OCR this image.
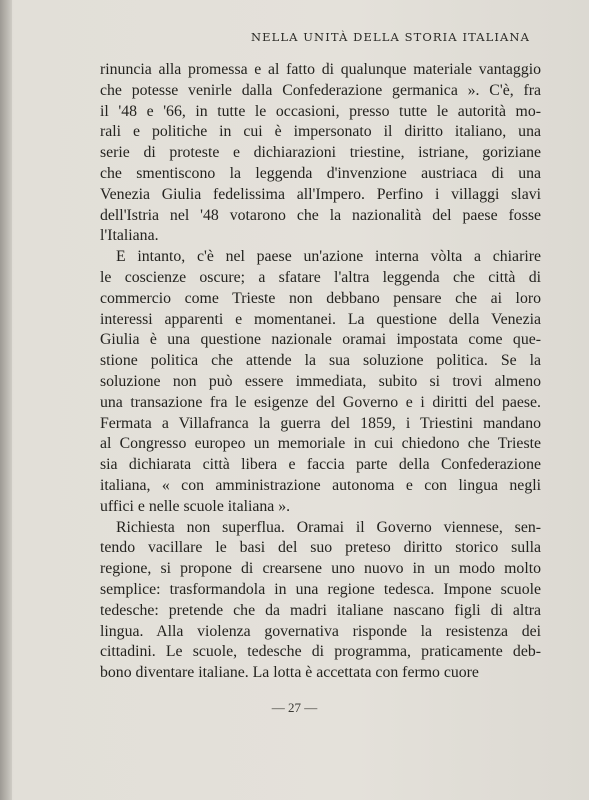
NELLA UNITÀ DELLA STORIA ITALIANA
rinuncia alla promessa e al fatto di qualunque materiale vantaggio
che potesse venirle dalla Confederazione germanica ». C'è, fra
il '48 e '66, in tutte le occasioni, presso tutte le autorità mo-
rali e politiche in cui è impersonato il diritto italiano, una
serie di proteste e dichiarazioni triestine, istriane, goriziane
che smentiscono la leggenda d'invenzione austriaca di una
Venezia Giulia fedelissima all'Impero. Perfino i villaggi slavi
dell'Istria nel '48 votarono che la nazionalità del paese fosse
l'Italiana.
E intanto, c'è nel paese un'azione interna vòlta a chiarire
le coscienze oscure; a sfatare l'altra leggenda che città di
commercio come Trieste non debbano pensare che ai loro
interessi apparenti e momentanei. La questione della Venezia
Giulia è una questione nazionale oramai impostata come que-
stione politica che attende la sua soluzione politica. Se la
soluzione non può essere immediata, subito si trovi almeno
una transazione fra le esigenze del Governo e i diritti del paese.
Fermata a Villafranca la guerra del 1859, i Triestini mandano
al Congresso europeo un memoriale in cui chiedono che Trieste
sia dichiarata città libera e faccia parte della Confederazione
italiana, « con amministrazione autonoma e con lingua negli
uffici e nelle scuole italiana ».
Richiesta non superflua. Oramai il Governo viennese, sen-
tendo vacillare le basi del suo preteso diritto storico sulla
regione, si propone di crearsene uno nuovo in un modo molto
semplice: trasformandola in una regione tedesca. Impone scuole
tedesche: pretende che da madri italiane nascano figli di altra
lingua. Alla violenza governativa risponde la resistenza dei
cittadini. Le scuole, tedesche di programma, praticamente deb-
bono diventare italiane. La lotta è accettata con fermo cuore
— 27 —
